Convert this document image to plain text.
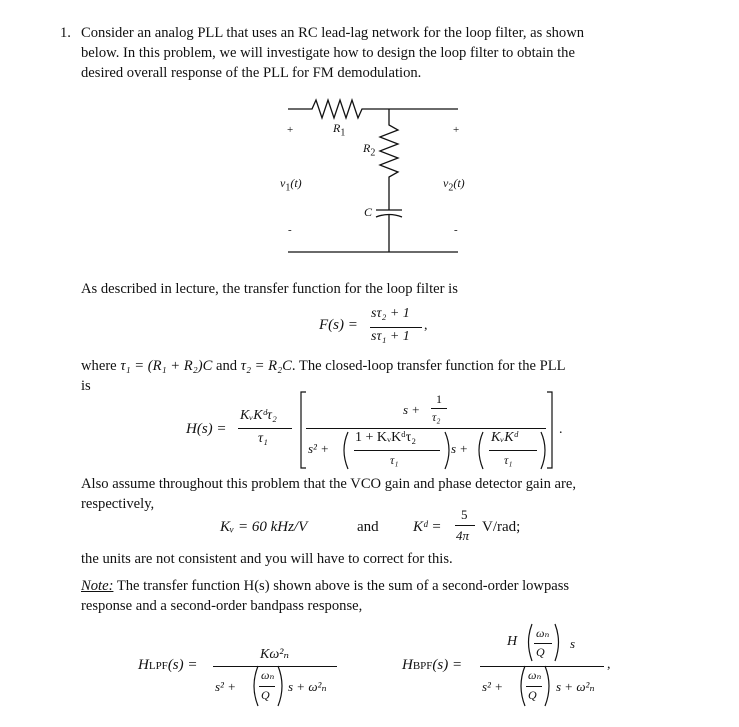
1. Consider an analog PLL that uses an RC lead-lag network for the loop filter, as shown
below. In this problem, we will investigate how to design the loop filter to obtain the
desired overall response of the PLL for FM demodulation.
+	+
-	-
$R_1$
$R_2$
C
$v_1(t)$	$v_2(t)$
As described in lecture, the transfer function for the loop filter is
F(s) =
sτ₂ + 1
sτ₁ + 1
,
where τ₁ = (R₁ + R₂)C and τ₂ = R₂C. The closed-loop transfer function for the PLL
is
H(s) =
KᵥKᵈτ₂
τ₁
s +
1
τ₂
s² +
1 + KᵥKᵈτ₂
τ₁
s +
KᵥKᵈ
τ₁
.
Also assume throughout this problem that the VCO gain and phase detector gain are,
respectively,
Kᵥ = 60 kHz/V	and Kᵈ =
5
4π
V/rad;
the units are not consistent and you will have to correct for this.
Note: The transfer function H(s) shown above is the sum of a second-order lowpass
response and a second-order bandpass response,
HLPF(s) =
Kω²ₙ
s² +
ωₙ
Q
s + ω²ₙ
HBPF(s) =
H
ωₙ
Q
s
s² +
ωₙ
Q
s + ω²ₙ
,
